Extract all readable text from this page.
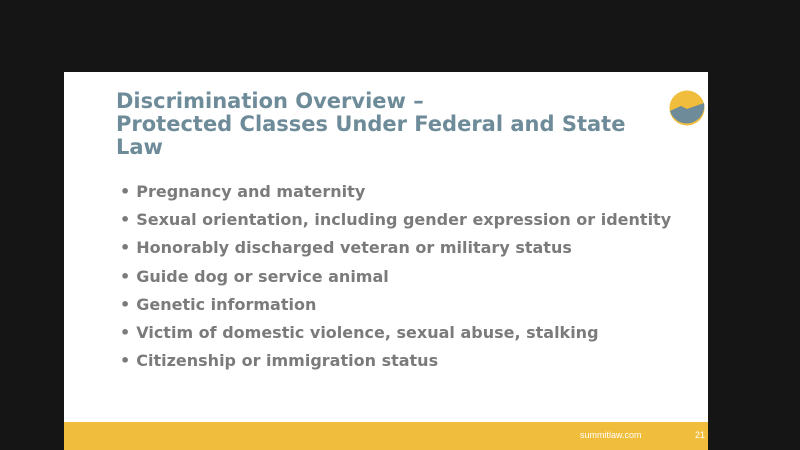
Discrimination Overview –
Protected Classes Under Federal and State
Law
• Pregnancy and maternity
• Sexual orientation, including gender expression or identity
• Honorably discharged veteran or military status
• Guide dog or service animal
• Genetic information
• Victim of domestic violence, sexual abuse, stalking
• Citizenship or immigration status
summitlaw.com	21
